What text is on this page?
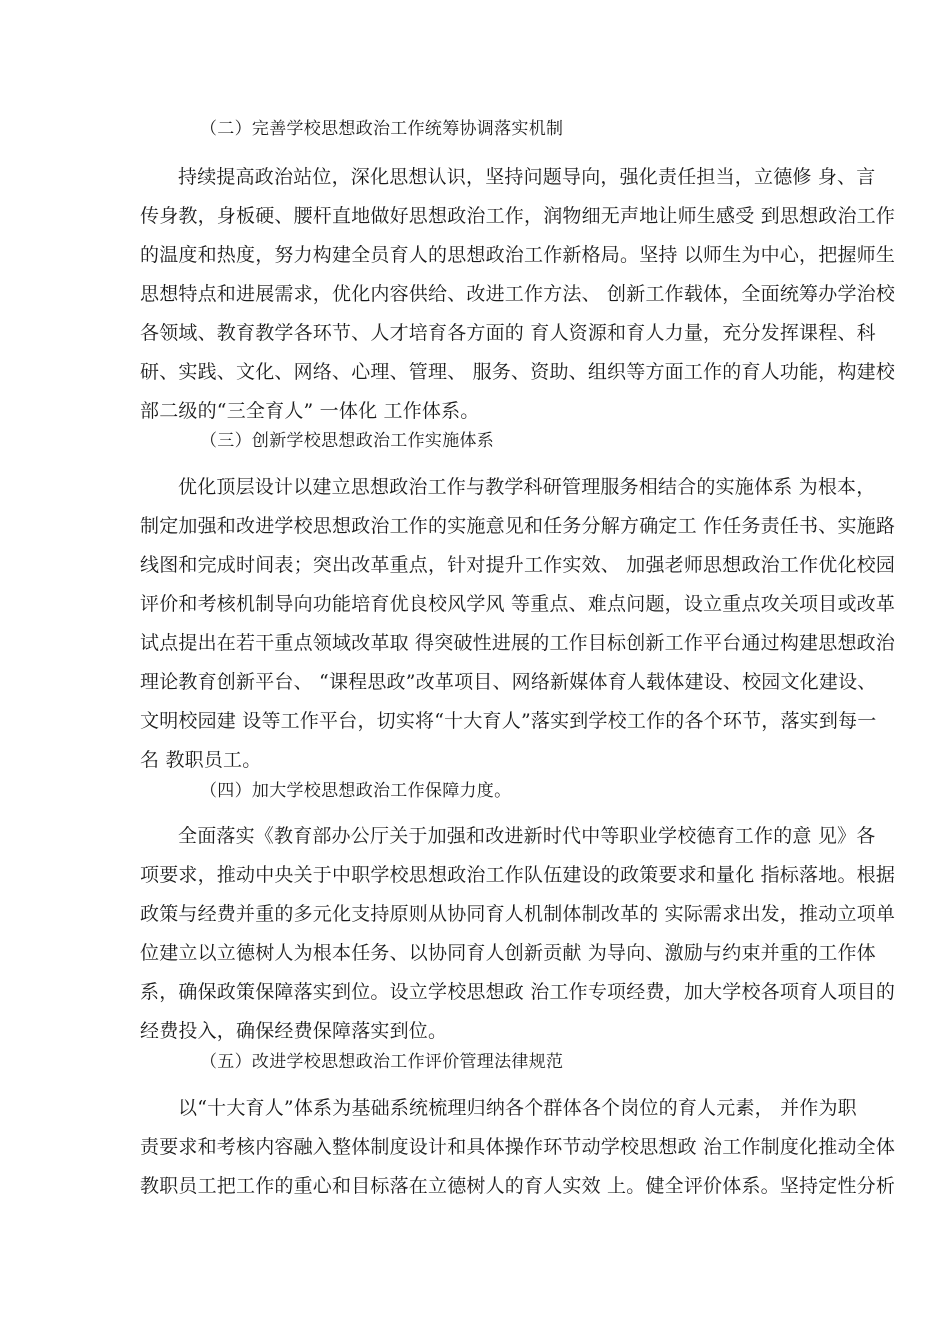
（二）完善学校思想政治工作统筹协调落实机制
持续提高政治站位，深化思想认识，坚持问题导向，强化责任担当，立德修 身、言
传身教，身板硬、腰杆直地做好思想政治工作，润物细无声地让师生感受 到思想政治工作
的温度和热度，努力构建全员育人的思想政治工作新格局。坚持 以师生为中心，把握师生
思想特点和进展需求，优化内容供给、改进工作方法、 创新工作载体，全面统筹办学治校
各领域、教育教学各环节、人才培育各方面的 育人资源和育人力量，充分发挥课程、科
研、实践、文化、网络、心理、管理、 服务、资助、组织等方面工作的育人功能，构建校
部二级的“三全育人” 一体化 工作体系。
（三）创新学校思想政治工作实施体系
优化顶层设计以建立思想政治工作与教学科研管理服务相结合的实施体系 为根本，
制定加强和改进学校思想政治工作的实施意见和任务分解方确定工 作任务责任书、实施路
线图和完成时间表；突出改革重点，针对提升工作实效、 加强老师思想政治工作优化校园
评价和考核机制导向功能培育优良校风学风 等重点、难点问题，设立重点攻关项目或改革
试点提出在若干重点领域改革取 得突破性进展的工作目标创新工作平台通过构建思想政治
理论教育创新平台、 “课程思政”改革项目、网络新媒体育人载体建设、校园文化建设、
文明校园建 设等工作平台，切实将“十大育人”落实到学校工作的各个环节，落实到每一
名 教职员工。
（四）加大学校思想政治工作保障力度。
全面落实《教育部办公厅关于加强和改进新时代中等职业学校德育工作的意 见》各
项要求，推动中央关于中职学校思想政治工作队伍建设的政策要求和量化 指标落地。根据
政策与经费并重的多元化支持原则从协同育人机制体制改革的 实际需求出发，推动立项单
位建立以立德树人为根本任务、以协同育人创新贡献 为导向、激励与约束并重的工作体
系，确保政策保障落实到位。设立学校思想政 治工作专项经费，加大学校各项育人项目的
经费投入，确保经费保障落实到位。
（五）改进学校思想政治工作评价管理法律规范
以“十大育人”体系为基础系统梳理归纳各个群体各个岗位的育人元素， 并作为职
责要求和考核内容融入整体制度设计和具体操作环节动学校思想政 治工作制度化推动全体
教职员工把工作的重心和目标落在立德树人的育人实效 上。健全评价体系。坚持定性分析
